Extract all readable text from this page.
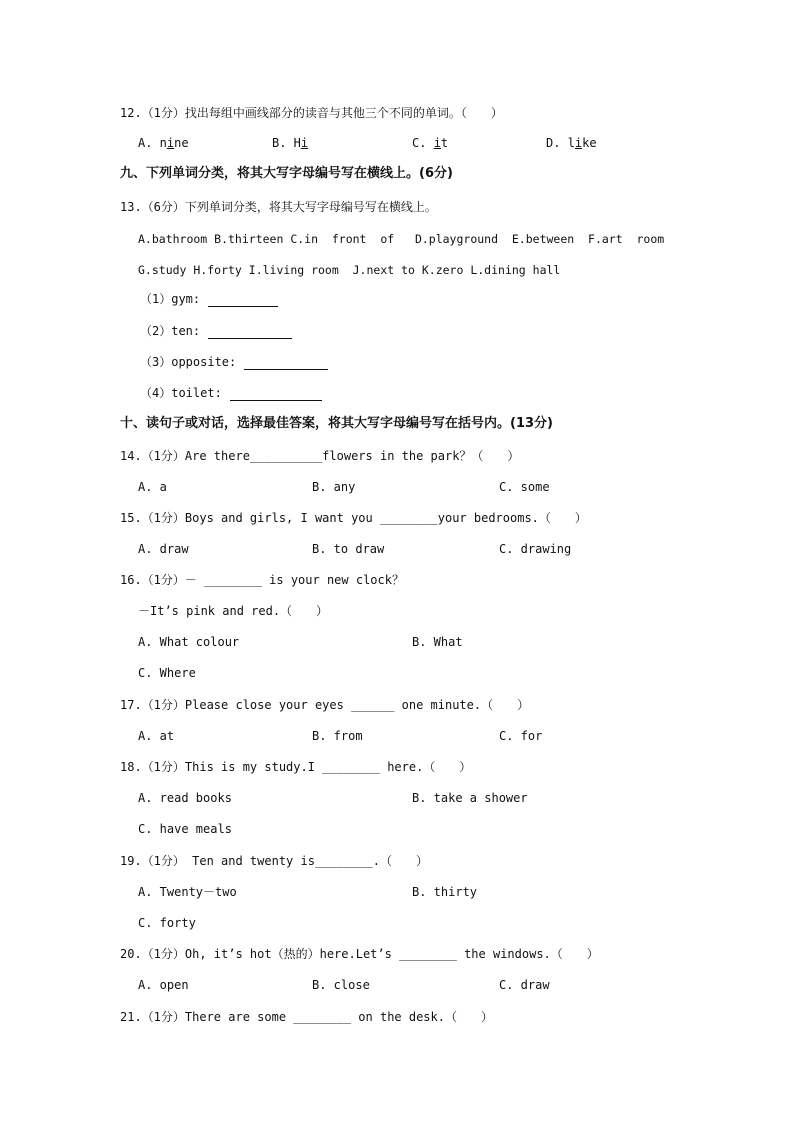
12.（1分）找出每组中画线部分的读音与其他三个不同的单词。（　　）
A. nine	B. Hi	C. it	D. like
九、下列单词分类，将其大写字母编号写在横线上。(6分)
13.（6分）下列单词分类，将其大写字母编号写在横线上。
A.bathroom B.thirteen C.in  front  of   D.playground  E.between  F.art  room
G.study H.forty I.living room  J.next to K.zero L.dining hall
（1）gym:
（2）ten:
（3）opposite:
（4）toilet:
十、读句子或对话，选择最佳答案，将其大写字母编号写在括号内。(13分)
14.（1分）Are there__________flowers in the park？（　　）
A. a	B. any	C. some
15.（1分）Boys and girls, I want you ________your bedrooms.（　　）
A. draw	B. to draw	C. drawing
16.（1分）－ ________ is your new clock？
－It’s pink and red.（　　）
A. What colour	B. What
C. Where
17.（1分）Please close your eyes ______ one minute.（　　）
A. at	B. from	C. for
18.（1分）This is my study.I ________ here.（　　）
A. read books	B. take a shower
C. have meals
19.（1分） Ten and twenty is________.（　　）
A. Twenty－two	B. thirty
C. forty
20.（1分）Oh, it’s hot（热的）here.Let’s ________ the windows.（　　）
A. open	B. close	C. draw
21.（1分）There are some ________ on the desk.（　　）
